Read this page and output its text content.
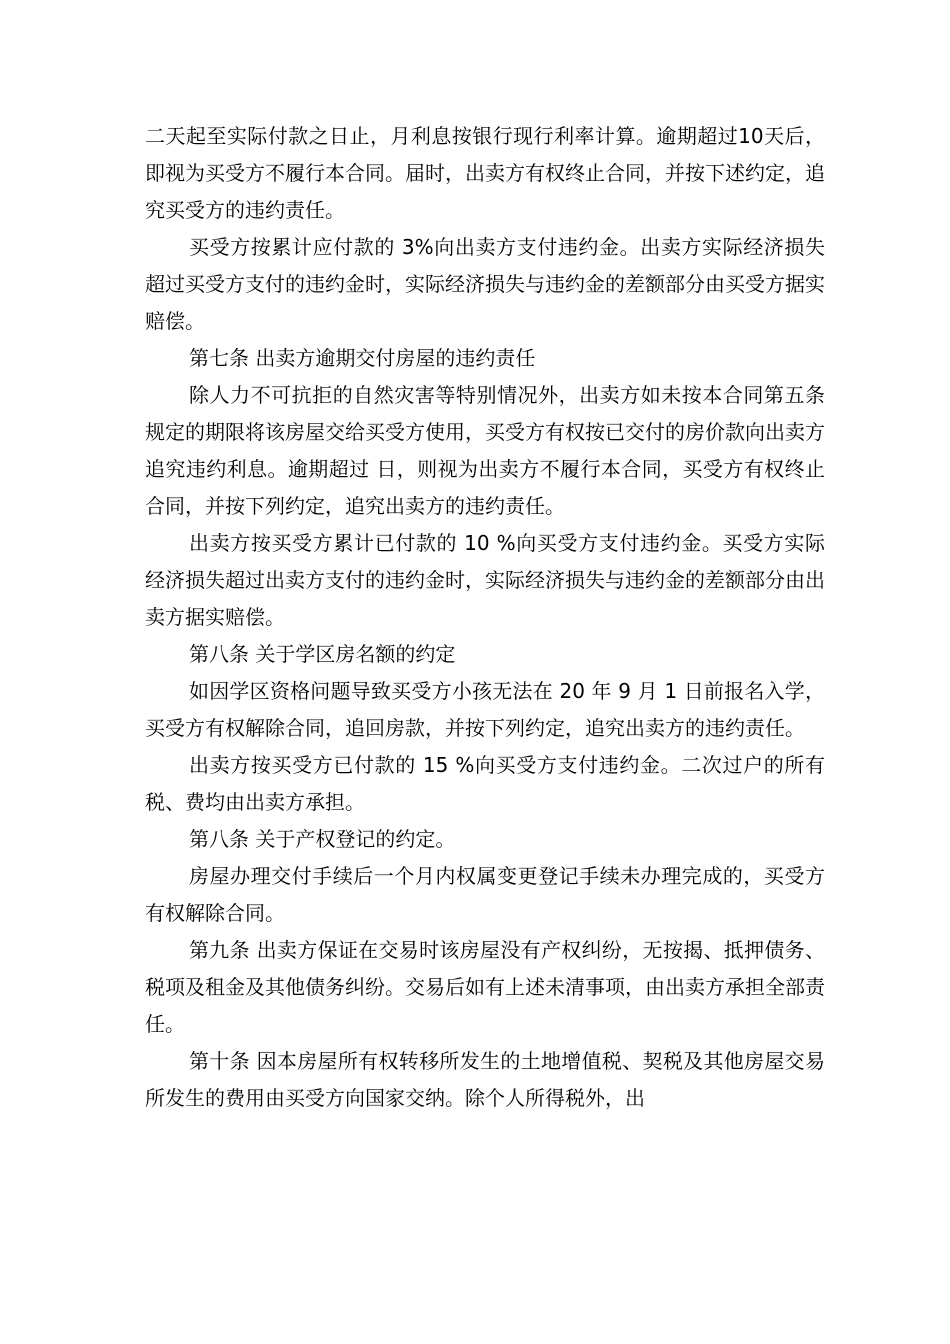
二天起至实际付款之日止，月利息按银行现行利率计算。逾期超过10天后，即视为买受方不履行本合同。届时，出卖方有权终止合同，并按下述约定，追究买受方的违约责任。

买受方按累计应付款的 3%向出卖方支付违约金。出卖方实际经济损失超过买受方支付的违约金时，实际经济损失与违约金的差额部分由买受方据实赔偿。

第七条 出卖方逾期交付房屋的违约责任

除人力不可抗拒的自然灾害等特别情况外，出卖方如未按本合同第五条规定的期限将该房屋交给买受方使用，买受方有权按已交付的房价款向出卖方追究违约利息。逾期超过 日，则视为出卖方不履行本合同，买受方有权终止合同，并按下列约定，追究出卖方的违约责任。

出卖方按买受方累计已付款的 10 %向买受方支付违约金。买受方实际经济损失超过出卖方支付的违约金时，实际经济损失与违约金的差额部分由出卖方据实赔偿。

第八条 关于学区房名额的约定

如因学区资格问题导致买受方小孩无法在 20 年 9 月 1 日前报名入学，买受方有权解除合同，追回房款，并按下列约定，追究出卖方的违约责任。

出卖方按买受方已付款的 15 %向买受方支付违约金。二次过户的所有税、费均由出卖方承担。

第八条 关于产权登记的约定。

房屋办理交付手续后一个月内权属变更登记手续未办理完成的，买受方有权解除合同。

第九条 出卖方保证在交易时该房屋没有产权纠纷，无按揭、抵押债务、税项及租金及其他债务纠纷。交易后如有上述未清事项，由出卖方承担全部责任。

第十条 因本房屋所有权转移所发生的土地增值税、契税及其他房屋交易所发生的费用由买受方向国家交纳。除个人所得税外，出
